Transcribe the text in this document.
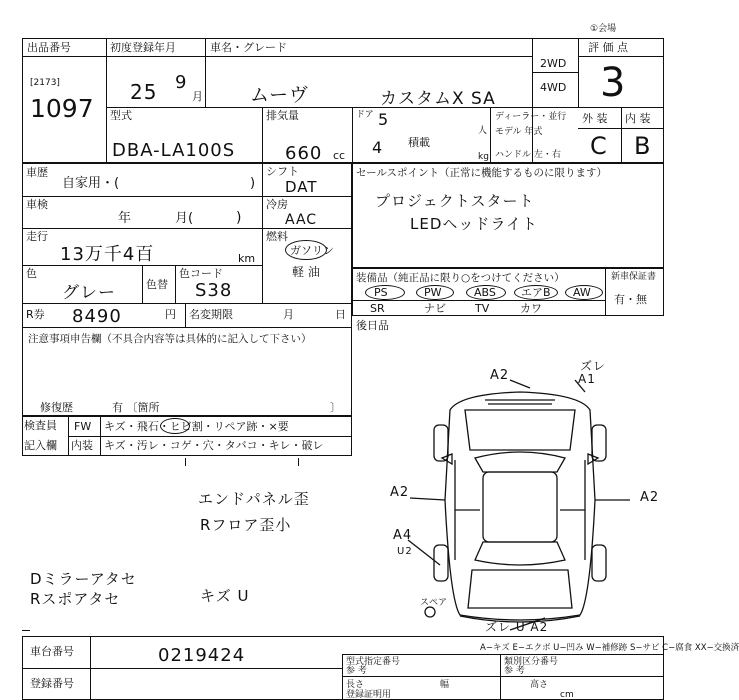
出品番号
[2173]
1097
初度登録年月
25 9
月
車名・グレード
ムーヴ	カスタムX SA
2WD
4WD
評 価 点
3
①会場
型式
DBA-LA100S
排気量
660 cc
ドア 5
積載
4
人
kg
ディーラー・並行
モデル 年式
ハンドル 左・右
外 装 内 装
C B
車歴
自家用・(	)
車検
年	月(	)
走行
13万千4百	km
色
グレー	色替
色コード
S38
R券 8490	円 名変期限	月	日
注意事項申告欄（不具合内容等は具体的に記入して下さい）
修復歴	有 〔箇所	〕
シフト
DAT
冷房
AAC
燃料
ガソリン
軽 油
セールスポイント（正常に機能するものに限ります）
プロジェクトスタート
LEDヘッドライト
装備品（純正品に限り○をつけてください）	新車保証書
有・無
PS	PW	ABS エアB AW
SR	ナビ	TV	カワ
後日品
検査員
記入欄
FW キズ・飛石・ヒビ割・リペア跡・×要
内装 キズ・汚レ・コゲ・穴・タバコ・キレ・破レ
エンドパネル歪
Rフロア歪小
Dミラーアタセ
Rスポアタセ	キズ U
A2
ズレ
A1
A2	A2
A4
U2
ズレ U A2
スペア
A−キズ E−エクボ U−凹み W−補修跡 S−サビ C−腐食 XX−交換済
車台番号	0219424
登録番号
型式指定番号
参 考
類別区分番号
参 考
長さ	幅	高さ
登録証明用	cm
